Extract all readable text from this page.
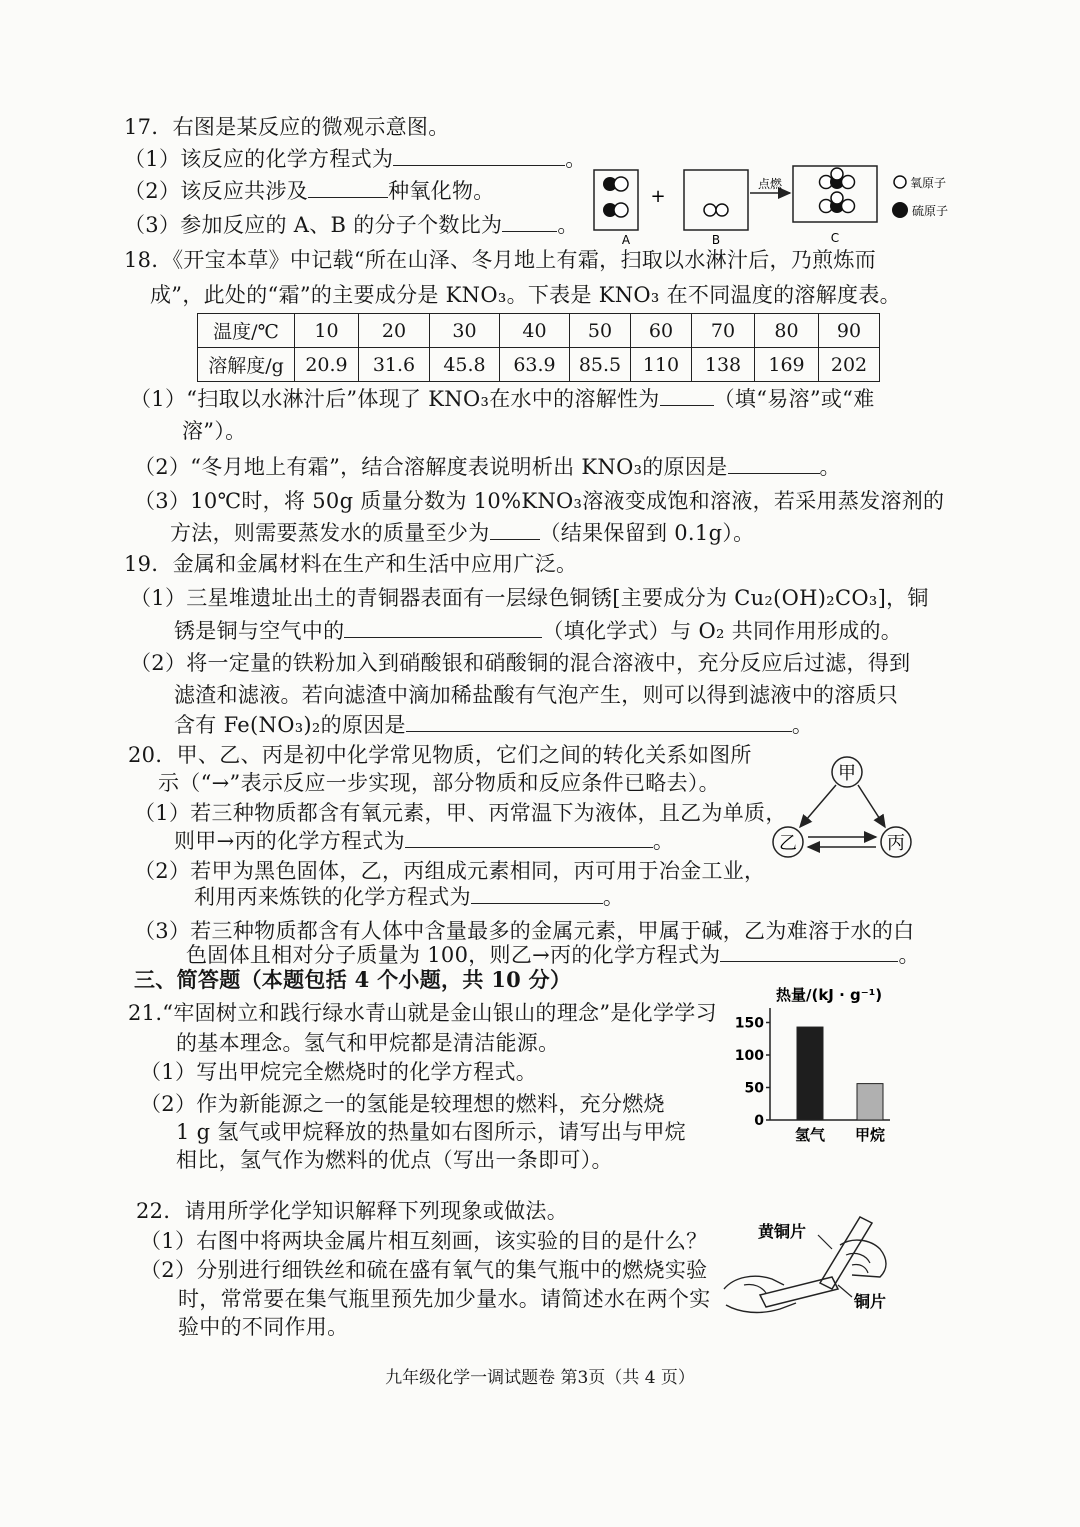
17．右图是某反应的微观示意图。
（1）该反应的化学方程式为	。
（2）该反应共涉及	种氧化物。
（3）参加反应的 A、B 的分子个数比为	。
+
点燃
A	B	C
氧原子
硫原子
18．《开宝本草》中记载“所在山泽、冬月地上有霜，扫取以水淋汁后，乃煎炼而
成”，此处的“霜”的主要成分是 KNO₃。下表是 KNO₃ 在不同温度的溶解度表。
温度/℃	10	20	30	40	50	60	70	80	90
溶解度/g	20.9	31.6	45.8	63.9	85.5	110	138	169	202
（1）“扫取以水淋汁后”体现了 KNO₃在水中的溶解性为	（填“易溶”或“难
溶”）。
（2）“冬月地上有霜”，结合溶解度表说明析出 KNO₃的原因是	。
（3）10℃时，将 50g 质量分数为 10%KNO₃溶液变成饱和溶液，若采用蒸发溶剂的
方法，则需要蒸发水的质量至少为 （结果保留到 0.1g）。
19．金属和金属材料在生产和生活中应用广泛。
（1）三星堆遗址出土的青铜器表面有一层绿色铜锈[主要成分为 Cu₂(OH)₂CO₃]，铜
锈是铜与空气中的	（填化学式）与 O₂ 共同作用形成的。
（2）将一定量的铁粉加入到硝酸银和硝酸铜的混合溶液中，充分反应后过滤，得到
滤渣和滤液。若向滤渣中滴加稀盐酸有气泡产生，则可以得到滤液中的溶质只
含有 Fe(NO₃)₂的原因是	。
20．甲、乙、丙是初中化学常见物质，它们之间的转化关系如图所
示（“→”表示反应一步实现，部分物质和反应条件已略去）。
（1）若三种物质都含有氧元素，甲、丙常温下为液体，且乙为单质，
则甲→丙的化学方程式为	。
（2）若甲为黑色固体，乙，丙组成元素相同，丙可用于冶金工业，
利用丙来炼铁的化学方程式为	。
（3）若三种物质都含有人体中含量最多的金属元素，甲属于碱，乙为难溶于水的白
色固体且相对分子质量为 100，则乙→丙的化学方程式为	。
甲
乙	丙
三、简答题（本题包括 4 个小题，共 10 分）
21.“牢固树立和践行绿水青山就是金山银山的理念”是化学学习
的基本理念。氢气和甲烷都是清洁能源。
（1）写出甲烷完全燃烧时的化学方程式。
（2）作为新能源之一的氢能是较理想的燃料，充分燃烧
1 g 氢气或甲烷释放的热量如右图所示，请写出与甲烷
相比，氢气作为燃料的优点（写出一条即可）。
热量/(kJ · g⁻¹)
0
50
100
150
氢气 甲烷
22．请用所学化学知识解释下列现象或做法。
（1）右图中将两块金属片相互刻画，该实验的目的是什么？
（2）分别进行细铁丝和硫在盛有氧气的集气瓶中的燃烧实验
时，常常要在集气瓶里预先加少量水。请简述水在两个实
验中的不同作用。
黄铜片
铜片
九年级化学一调试题卷 第3页（共 4 页）
